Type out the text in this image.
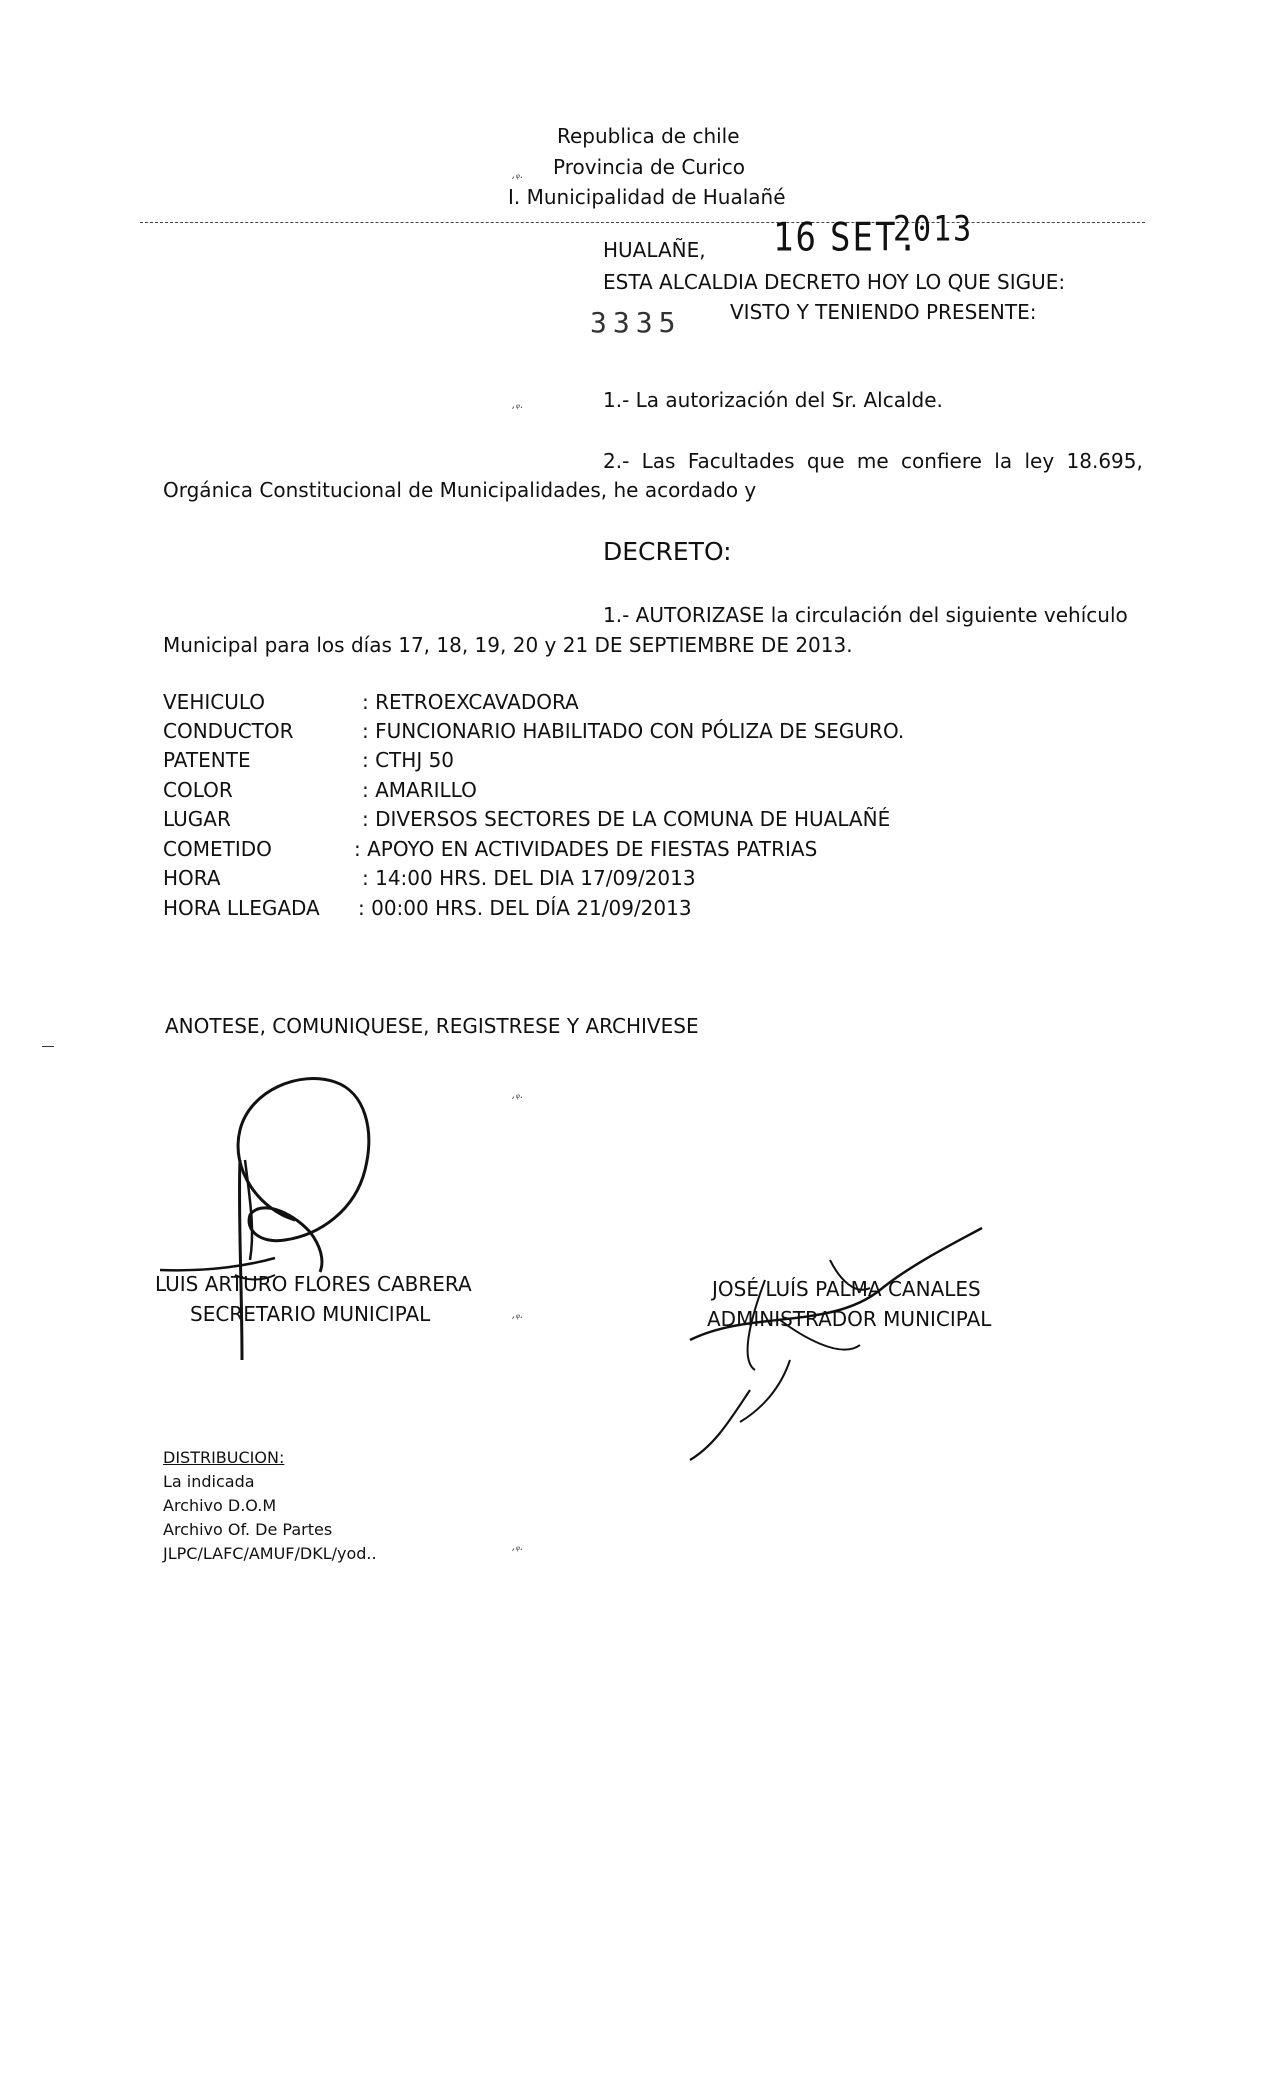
Republica de chile
Provincia de Curico
I. Municipalidad de Hualañé
,ᵩ.
HUALAÑE, 16 SET.
2013
ESTA ALCALDIA DECRETO HOY LO QUE SIGUE:
3335 VISTO Y TENIENDO PRESENTE:
,ᵩ.	1.- La autorización del Sr. Alcalde.
2.- Las Facultades que me confiere la ley 18.695,
Orgánica Constitucional de Municipalidades, he acordado y
DECRETO:
1.- AUTORIZASE la circulación del siguiente vehículo
Municipal para los días 17, 18, 19, 20 y 21 DE SEPTIEMBRE DE 2013.
VEHICULO	: RETROEXCAVADORA
CONDUCTOR	: FUNCIONARIO HABILITADO CON PÓLIZA DE SEGURO.
PATENTE	: CTHJ 50
COLOR	: AMARILLO
LUGAR	: DIVERSOS SECTORES DE LA COMUNA DE HUALAÑÉ
COMETIDO	: APOYO EN ACTIVIDADES DE FIESTAS PATRIAS
HORA	: 14:00 HRS. DEL DIA 17/09/2013
HORA LLEGADA : 00:00 HRS. DEL DÍA 21/09/2013
ANOTESE, COMUNIQUESE, REGISTRESE Y ARCHIVESE
,ᵩ.
LUIS ARTURO FLORES CABRERA
SECRETARIO MUNICIPAL	,ᵩ.
JOSÉ LUÍS PALMA CANALES
ADMINISTRADOR MUNICIPAL
DISTRIBUCION:
La indicada
Archivo D.O.M
Archivo Of. De Partes
JLPC/LAFC/AMUF/DKL/yod..	,ᵩ.
